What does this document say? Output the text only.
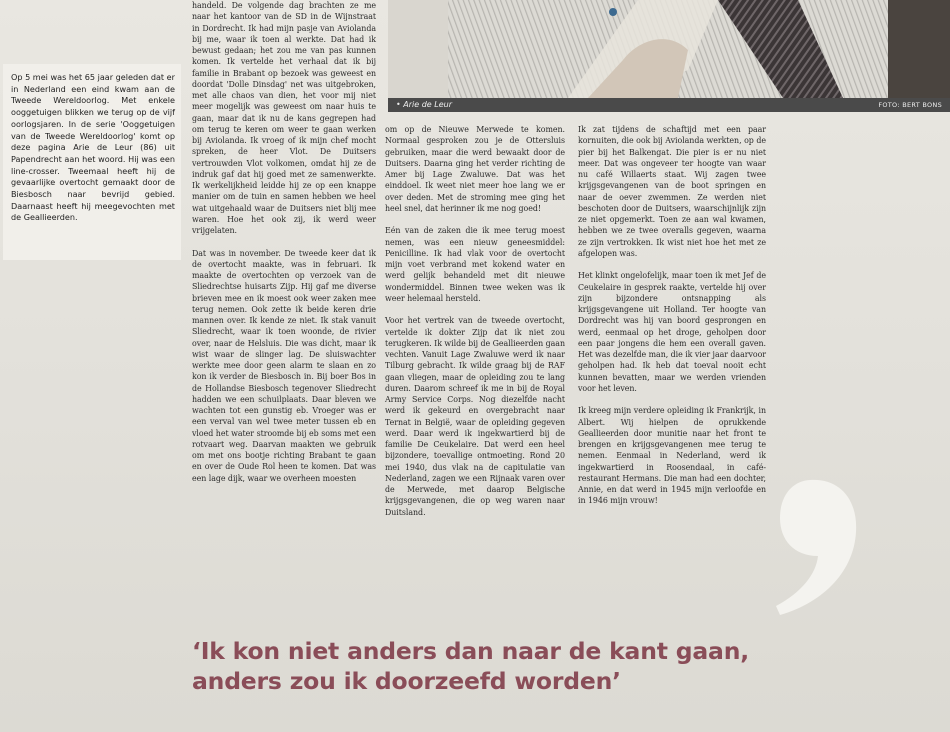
• Arie de Leur	FOTO: BERT BONS
Op 5 mei was het 65 jaar geleden dat er in Nederland een eind kwam aan de Tweede Wereldoorlog. Met enkele ooggetuigen blikken we terug op de vijf oorlogsjaren. In de serie 'Ooggetuigen van de Tweede Wereldoorlog' komt op deze pagina Arie de Leur (86) uit Papendrecht aan het woord. Hij was een line-crosser. Tweemaal heeft hij de gevaarlijke overtocht gemaakt door de Biesbosch naar bevrijd gebied. Daarnaast heeft hij meegevochten met de Geallieerden.

handeld. De volgende dag brachten ze me naar het kantoor van de SD in de Wijnstraat in Dordrecht. Ik had mijn pasje van Aviolanda bij me, waar ik toen al werkte. Dat had ik bewust gedaan; het zou me van pas kunnen komen. Ik vertelde het verhaal dat ik bij familie in Brabant op bezoek was geweest en doordat 'Dolle Dinsdag' net was uitgebroken, met alle chaos van dien, het voor mij niet meer mogelijk was geweest om naar huis te gaan, maar dat ik nu de kans gegrepen had om terug te keren om weer te gaan werken bij Aviolanda. Ik vroeg of ik mijn chef mocht spreken, de heer Vlot. De Duitsers vertrouwden Vlot volkomen, omdat hij ze de indruk gaf dat hij goed met ze samenwerkte. Ik werkelijkheid leidde hij ze op een knappe manier om de tuin en samen hebben we heel wat uitgehaald waar de Duitsers niet blij mee waren. Hoe het ook zij, ik werd weer vrijgelaten.

Dat was in november. De tweede keer dat ik de overtocht maakte, was in februari. Ik maakte de overtochten op verzoek van de Sliedrechtse huisarts Zijp. Hij gaf me diverse brieven mee en ik moest ook weer zaken mee terug nemen. Ook zette ik beide keren drie mannen over. Ik kende ze niet. Ik stak vanuit Sliedrecht, waar ik toen woonde, de rivier over, naar de Helsluis. Die was dicht, maar ik wist waar de slinger lag. De sluiswachter werkte mee door geen alarm te slaan en zo kon ik verder de Biesbosch in. Bij boer Bos in de Hollandse Biesbosch tegenover Sliedrecht hadden we een schuilplaats. Daar bleven we wachten tot een gunstig eb. Vroeger was er een verval van wel twee meter tussen eb en vloed het water stroomde bij eb soms met een rotvaart weg. Daarvan maakten we gebruik om met ons bootje richting Brabant te gaan en over de Oude Rol heen te komen. Dat was een lage dijk, waar we overheen moesten

om op de Nieuwe Merwede te komen. Normaal gesproken zou je de Ottersluis gebruiken, maar die werd bewaakt door de Duitsers. Daarna ging het verder richting de Amer bij Lage Zwaluwe. Dat was het einddoel. Ik weet niet meer hoe lang we er over deden. Met de stroming mee ging het heel snel, dat herinner ik me nog goed!

Eén van de zaken die ik mee terug moest nemen, was een nieuw geneesmiddel: Penicilline. Ik had vlak voor de overtocht mijn voet verbrand met kokend water en werd gelijk behandeld met dit nieuwe wondermiddel. Binnen twee weken was ik weer helemaal hersteld.

Voor het vertrek van de tweede overtocht, vertelde ik dokter Zijp dat ik niet zou terugkeren. Ik wilde bij de Geallieerden gaan vechten. Vanuit Lage Zwaluwe werd ik naar Tilburg gebracht. Ik wilde graag bij de RAF gaan vliegen, maar de opleiding zou te lang duren. Daarom schreef ik me in bij de Royal Army Service Corps. Nog diezelfde nacht werd ik gekeurd en overgebracht naar Ternat in België, waar de opleiding gegeven werd. Daar werd ik ingekwartierd bij de familie De Ceukelaire. Dat werd een heel bijzondere, toevallige ontmoeting. Rond 20 mei 1940, dus vlak na de capitulatie van Nederland, zagen we een Rijnaak varen over de Merwede, met daarop Belgische krijgsgevangenen, die op weg waren naar Duitsland.

Ik zat tijdens de schaftijd met een paar kornuiten, die ook bij Aviolanda werkten, op de pier bij het Balkengat. Die pier is er nu niet meer. Dat was ongeveer ter hoogte van waar nu café Willaerts staat. Wij zagen twee krijgsgevangenen van de boot springen en naar de oever zwemmen. Ze werden niet beschoten door de Duitsers, waarschijnlijk zijn ze niet opgemerkt. Toen ze aan wal kwamen, hebben we ze twee overalls gegeven, waarna ze zijn vertrokken. Ik wist niet hoe het met ze afgelopen was.

Het klinkt ongelofelijk, maar toen ik met Jef de Ceukelaire in gesprek raakte, vertelde hij over zijn bijzondere ontsnapping als krijgsgevangene uit Holland. Ter hoogte van Dordrecht was hij van boord gesprongen en werd, eenmaal op het droge, geholpen door een paar jongens die hem een overall gaven. Het was dezelfde man, die ik vier jaar daarvoor geholpen had. Ik heb dat toeval nooit echt kunnen bevatten, maar we werden vrienden voor het leven.

Ik kreeg mijn verdere opleiding ik Frankrijk, in Albert. Wij hielpen de oprukkende Geallieerden door munitie naar het front te brengen en krijgsgevangenen mee terug te nemen. Eenmaal in Nederland, werd ik ingekwartierd in Roosendaal, in café-restaurant Hermans. Die man had een dochter, Annie, en dat werd in 1945 mijn verloofde en in 1946 mijn vrouw!

‘Ik kon niet anders dan naar de kant gaan,
anders zou ik doorzeefd worden’
